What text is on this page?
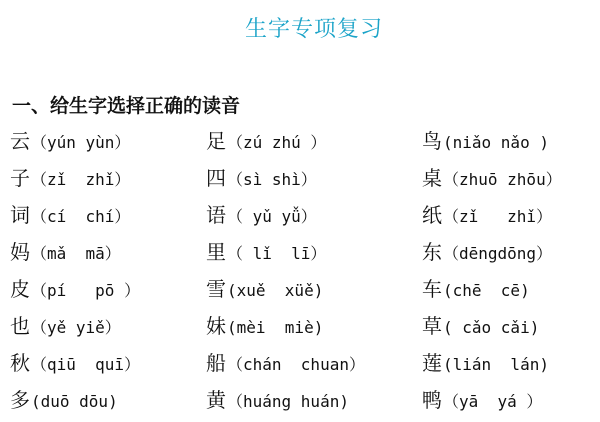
生字专项复习
一、给生字选择正确的读音
云（yún yùn）	足（zú zhú ）	鸟(niǎo nǎo )
子（zǐ  zhǐ）	四（sì shì）	桌（zhuō zhōu）
词（cí  chí）	语（ yǔ yǚ）	纸（zǐ   zhǐ）
妈（mǎ  mā）	里（ lǐ  lī）	东（dēngdōng）
皮（pí   pō ）	雪(xuě  xüě)	车(chē  cē)
也（yě yiě）	妹(mèi  miè)	草( cǎo cǎi)
秋（qiū  quī）	船（chán  chuan）	莲(lián  lán)
多(duō dōu)	黄（huáng huán)	鸭（yā  yá ）
